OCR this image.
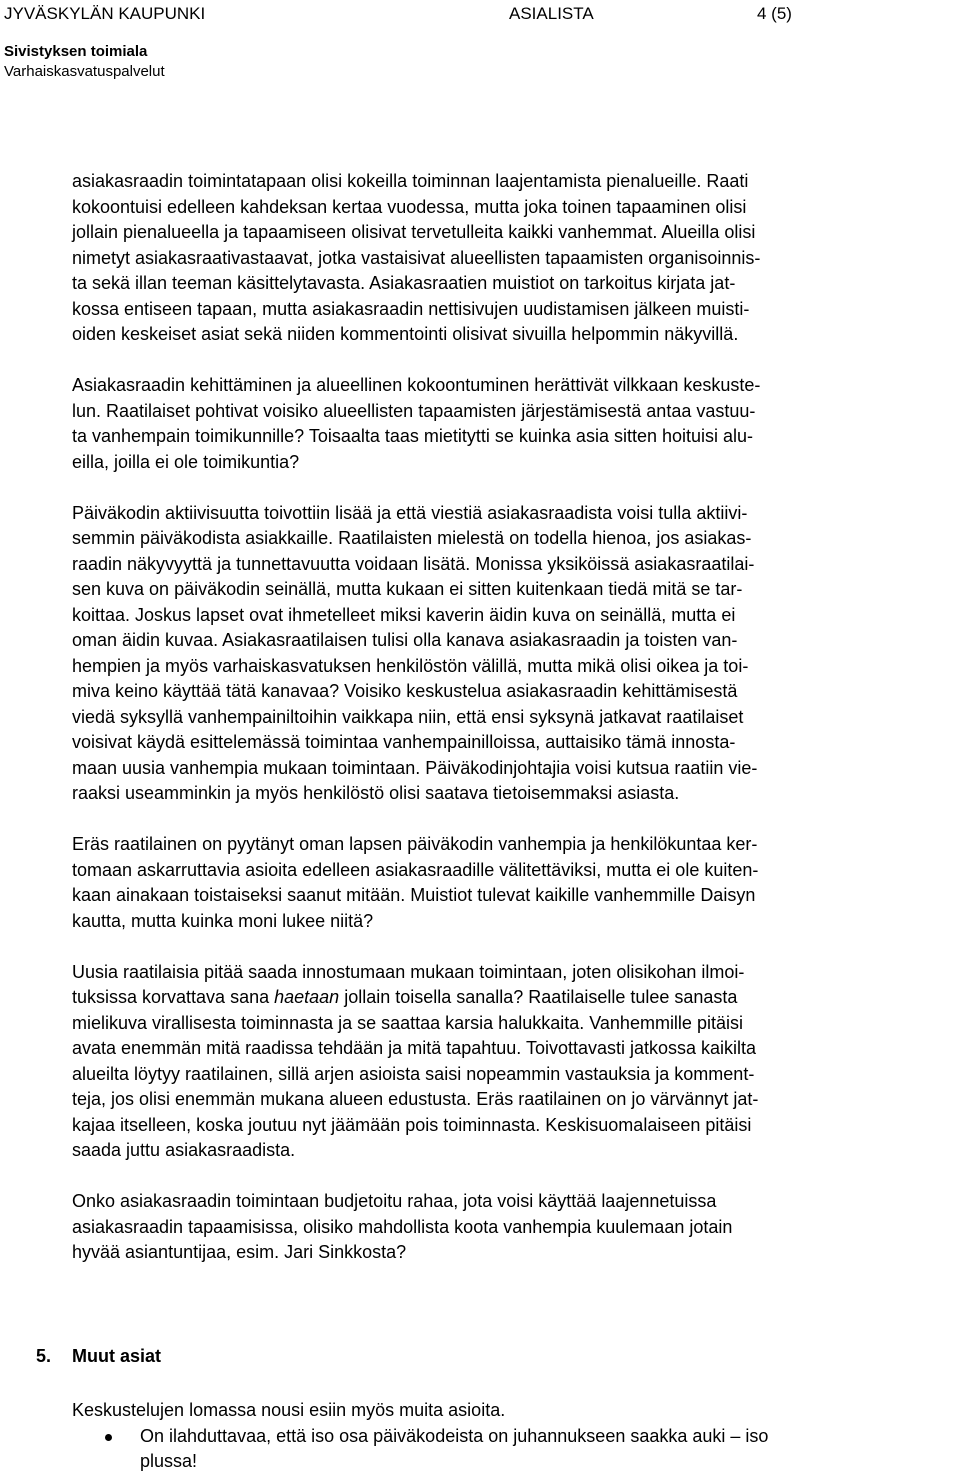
JYVÄSKYLÄN KAUPUNKI	ASIALISTA	4 (5)
Sivistyksen toimiala
Varhaiskasvatuspalvelut

asiakasraadin toimintatapaan olisi kokeilla toiminnan laajentamista pienalueille. Raati
kokoontuisi edelleen kahdeksan kertaa vuodessa, mutta joka toinen tapaaminen olisi
jollain pienalueella ja tapaamiseen olisivat tervetulleita kaikki vanhemmat. Alueilla olisi
nimetyt asiakasraativastaavat, jotka vastaisivat alueellisten tapaamisten organisoinnis-
ta sekä illan teeman käsittelytavasta. Asiakasraatien muistiot on tarkoitus kirjata jat-
kossa entiseen tapaan, mutta asiakasraadin nettisivujen uudistamisen jälkeen muisti-
oiden keskeiset asiat sekä niiden kommentointi olisivat sivuilla helpommin näkyvillä.

Asiakasraadin kehittäminen ja alueellinen kokoontuminen herättivät vilkkaan keskuste-
lun. Raatilaiset pohtivat voisiko alueellisten tapaamisten järjestämisestä antaa vastuu-
ta vanhempain toimikunnille? Toisaalta taas mietitytti se kuinka asia sitten hoituisi alu-
eilla, joilla ei ole toimikuntia?

Päiväkodin aktiivisuutta toivottiin lisää ja että viestiä asiakasraadista voisi tulla aktiivi-
semmin päiväkodista asiakkaille. Raatilaisten mielestä on todella hienoa, jos asiakas-
raadin näkyvyyttä ja tunnettavuutta voidaan lisätä. Monissa yksiköissä asiakasraatilai-
sen kuva on päiväkodin seinällä, mutta kukaan ei sitten kuitenkaan tiedä mitä se tar-
koittaa. Joskus lapset ovat ihmetelleet miksi kaverin äidin kuva on seinällä, mutta ei
oman äidin kuvaa. Asiakasraatilaisen tulisi olla kanava asiakasraadin ja toisten van-
hempien ja myös varhaiskasvatuksen henkilöstön välillä, mutta mikä olisi oikea ja toi-
miva keino käyttää tätä kanavaa? Voisiko keskustelua asiakasraadin kehittämisestä
viedä syksyllä vanhempainiltoihin vaikkapa niin, että ensi syksynä jatkavat raatilaiset
voisivat käydä esittelemässä toimintaa vanhempainilloissa, auttaisiko tämä innosta-
maan uusia vanhempia mukaan toimintaan. Päiväkodinjohtajia voisi kutsua raatiin vie-
raaksi useamminkin ja myös henkilöstö olisi saatava tietoisemmaksi asiasta.

Eräs raatilainen on pyytänyt oman lapsen päiväkodin vanhempia ja henkilökuntaa ker-
tomaan askarruttavia asioita edelleen asiakasraadille välitettäviksi, mutta ei ole kuiten-
kaan ainakaan toistaiseksi saanut mitään. Muistiot tulevat kaikille vanhemmille Daisyn
kautta, mutta kuinka moni lukee niitä?

Uusia raatilaisia pitää saada innostumaan mukaan toimintaan, joten olisikohan ilmoi-
tuksissa korvattava sana haetaan jollain toisella sanalla? Raatilaiselle tulee sanasta
mielikuva virallisesta toiminnasta ja se saattaa karsia halukkaita. Vanhemmille pitäisi
avata enemmän mitä raadissa tehdään ja mitä tapahtuu. Toivottavasti jatkossa kaikilta
alueilta löytyy raatilainen, sillä arjen asioista saisi nopeammin vastauksia ja komment-
teja, jos olisi enemmän mukana alueen edustusta. Eräs raatilainen on jo värvännyt jat-
kajaa itselleen, koska joutuu nyt jäämään pois toiminnasta. Keskisuomalaiseen pitäisi
saada juttu asiakasraadista.

Onko asiakasraadin toimintaan budjetoitu rahaa, jota voisi käyttää laajennetuissa
asiakasraadin tapaamisissa, olisiko mahdollista koota vanhempia kuulemaan jotain
hyvää asiantuntijaa, esim. Jari Sinkkosta?

5. Muut asiat
Keskustelujen lomassa nousi esiin myös muita asioita.
On ilahduttavaa, että iso osa päiväkodeista on juhannukseen saakka auki – iso
plussa!
